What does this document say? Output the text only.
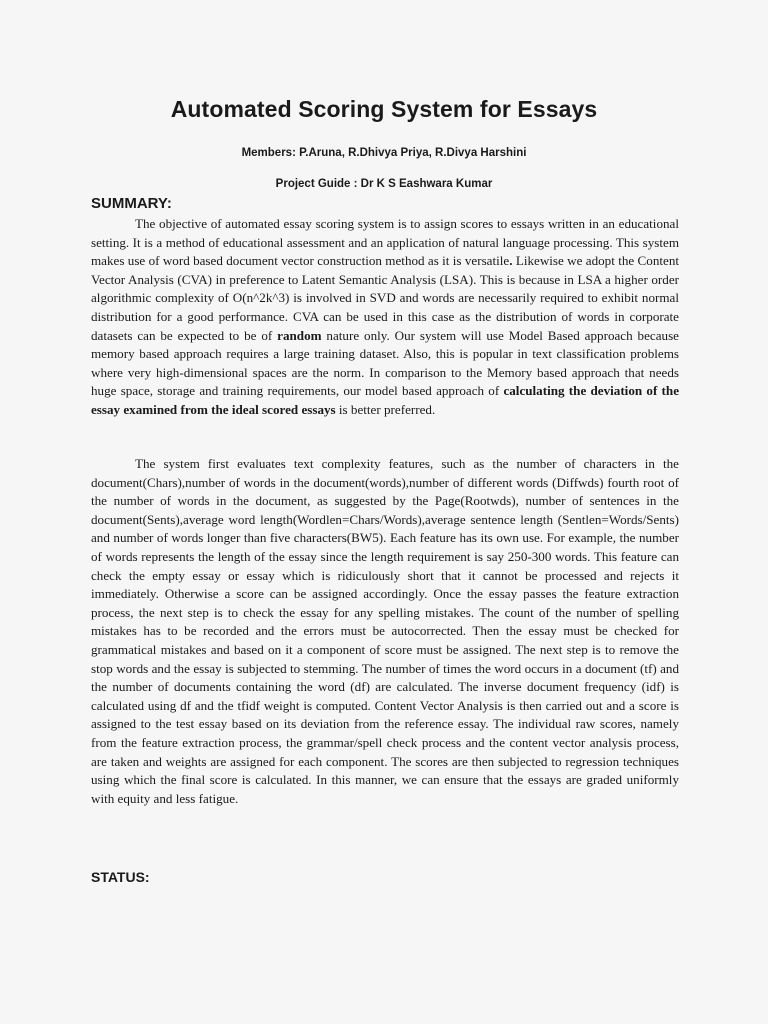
Automated Scoring System for Essays
Members: P.Aruna, R.Dhivya Priya, R.Divya Harshini
Project Guide : Dr K S Eashwara Kumar
SUMMARY:
The objective of automated essay scoring system is to assign scores to essays written in an educational setting. It is a method of educational assessment and an application of natural language processing. This system makes use of word based document vector construction method as it is versatile. Likewise we adopt the Content Vector Analysis (CVA) in preference to Latent Semantic Analysis (LSA). This is because in LSA a higher order algorithmic complexity of O(n^2k^3) is involved in SVD and words are necessarily required to exhibit normal distribution for a good performance. CVA can be used in this case as the distribution of words in corporate datasets can be expected to be of random nature only. Our system will use Model Based approach because memory based approach requires a large training dataset. Also, this is popular in text classification problems where very high-dimensional spaces are the norm. In comparison to the Memory based approach that needs huge space, storage and training requirements, our model based approach of calculating the deviation of the essay examined from the ideal scored essays is better preferred.
The system first evaluates text complexity features, such as the number of characters in the document(Chars),number of words in the document(words),number of different words (Diffwds) fourth root of the number of words in the document, as suggested by the Page(Rootwds), number of sentences in the document(Sents),average word length(Wordlen=Chars/Words),average sentence length (Sentlen=Words/Sents) and number of words longer than five characters(BW5). Each feature has its own use. For example, the number of words represents the length of the essay since the length requirement is say 250-300 words. This feature can check the empty essay or essay which is ridiculously short that it cannot be processed and rejects it immediately. Otherwise a score can be assigned accordingly. Once the essay passes the feature extraction process, the next step is to check the essay for any spelling mistakes. The count of the number of spelling mistakes has to be recorded and the errors must be autocorrected. Then the essay must be checked for grammatical mistakes and based on it a component of score must be assigned. The next step is to remove the stop words and the essay is subjected to stemming. The number of times the word occurs in a document (tf) and the number of documents containing the word (df) are calculated. The inverse document frequency (idf) is calculated using df and the tfidf weight is computed. Content Vector Analysis is then carried out and a score is assigned to the test essay based on its deviation from the reference essay. The individual raw scores, namely from the feature extraction process, the grammar/spell check process and the content vector analysis process, are taken and weights are assigned for each component. The scores are then subjected to regression techniques using which the final score is calculated. In this manner, we can ensure that the essays are graded uniformly with equity and less fatigue.
STATUS:
